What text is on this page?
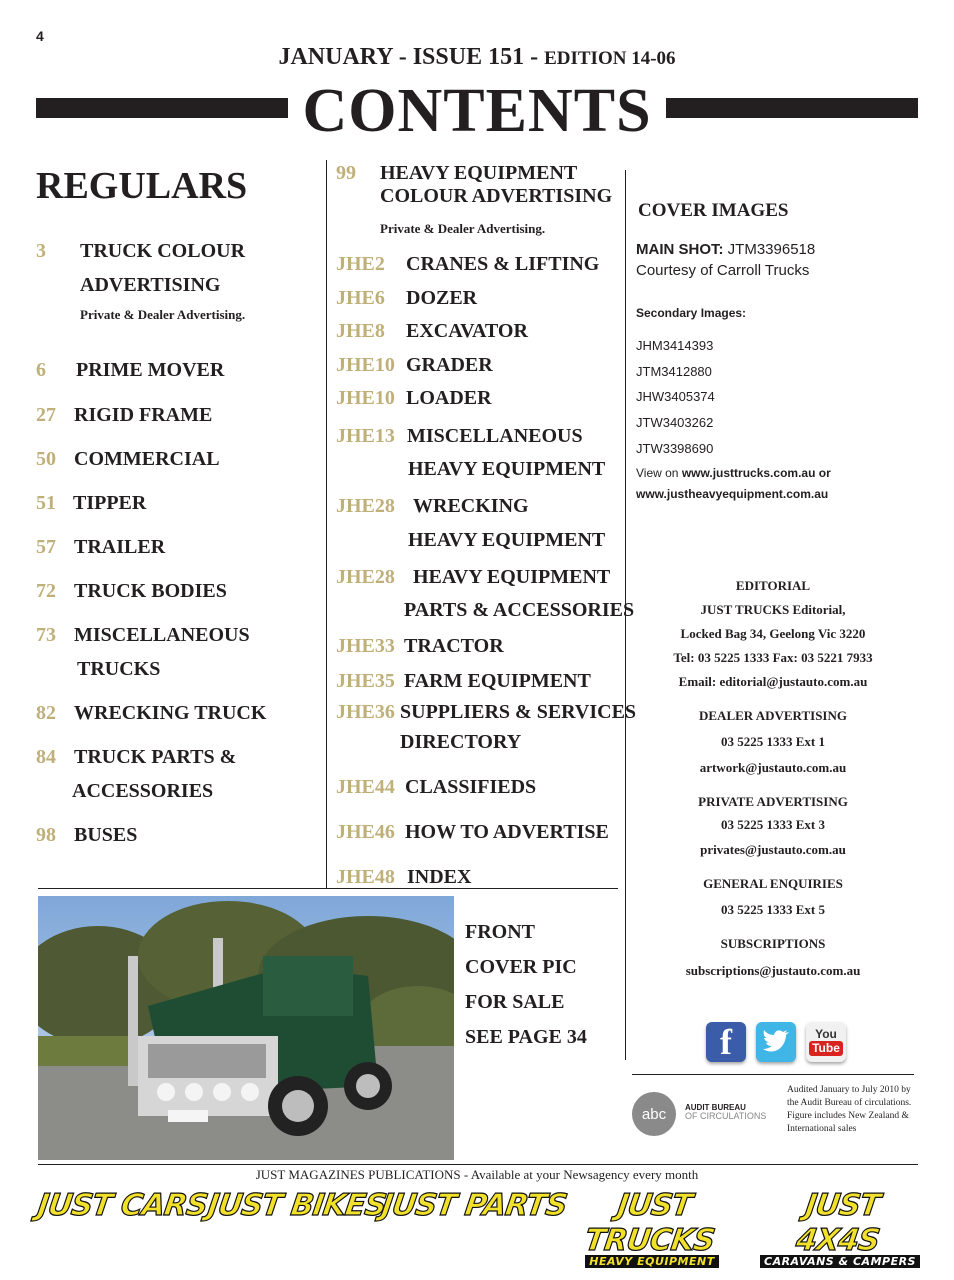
4
JANUARY - ISSUE 151 - EDITION 14-06
CONTENTS
REGULARS
3 TRUCK COLOUR
ADVERTISING
Private & Dealer Advertising.
6 PRIME MOVER
27 RIGID FRAME
50 COMMERCIAL
51 TIPPER
57 TRAILER
72 TRUCK BODIES
73 MISCELLANEOUS
TRUCKS
82 WRECKING TRUCK
84 TRUCK PARTS &
ACCESSORIES
98 BUSES
99 HEAVY EQUIPMENT
COLOUR ADVERTISING
Private & Dealer Advertising.
JHE2 CRANES & LIFTING
JHE6 DOZER
JHE8 EXCAVATOR
JHE10 GRADER
JHE10 LOADER
JHE13 MISCELLANEOUS
HEAVY EQUIPMENT
JHE28 WRECKING
HEAVY EQUIPMENT
JHE28 HEAVY EQUIPMENT
PARTS & ACCESSORIES
JHE33 TRACTOR
JHE35 FARM EQUIPMENT
JHE36 SUPPLIERS & SERVICES
DIRECTORY
JHE44 CLASSIFIEDS
JHE46 HOW TO ADVERTISE
JHE48 INDEX
COVER IMAGES
MAIN SHOT: JTM3396518
Courtesy of Carroll Trucks
Secondary Images:
JHM3414393
JTM3412880
JHW3405374
JTW3403262
JTW3398690
View on www.justtrucks.com.au or
www.justheavyequipment.com.au
EDITORIAL
JUST TRUCKS Editorial,
Locked Bag 34, Geelong Vic 3220
Tel: 03 5225 1333 Fax: 03 5221 7933
Email: editorial@justauto.com.au
DEALER ADVERTISING
03 5225 1333 Ext 1
artwork@justauto.com.au
PRIVATE ADVERTISING
03 5225 1333 Ext 3
privates@justauto.com.au
GENERAL ENQUIRIES
03 5225 1333 Ext 5
SUBSCRIPTIONS
subscriptions@justauto.com.au
f	You
Tube
abc	AUDIT BUREAU
OF CIRCULATIONS
Audited January to July 2010 by the Audit Bureau of circulations. Figure includes New Zealand & International sales
FRONT
COVER PIC
FOR SALE
SEE PAGE 34
JUST MAGAZINES PUBLICATIONS - Available at your Newsagency every month
JUST CARS
JUST BIKES
JUST PARTS	JUST TRUCKS
HEAVY EQUIPMENT
JUST 4X4S
CARAVANS & CAMPERS
